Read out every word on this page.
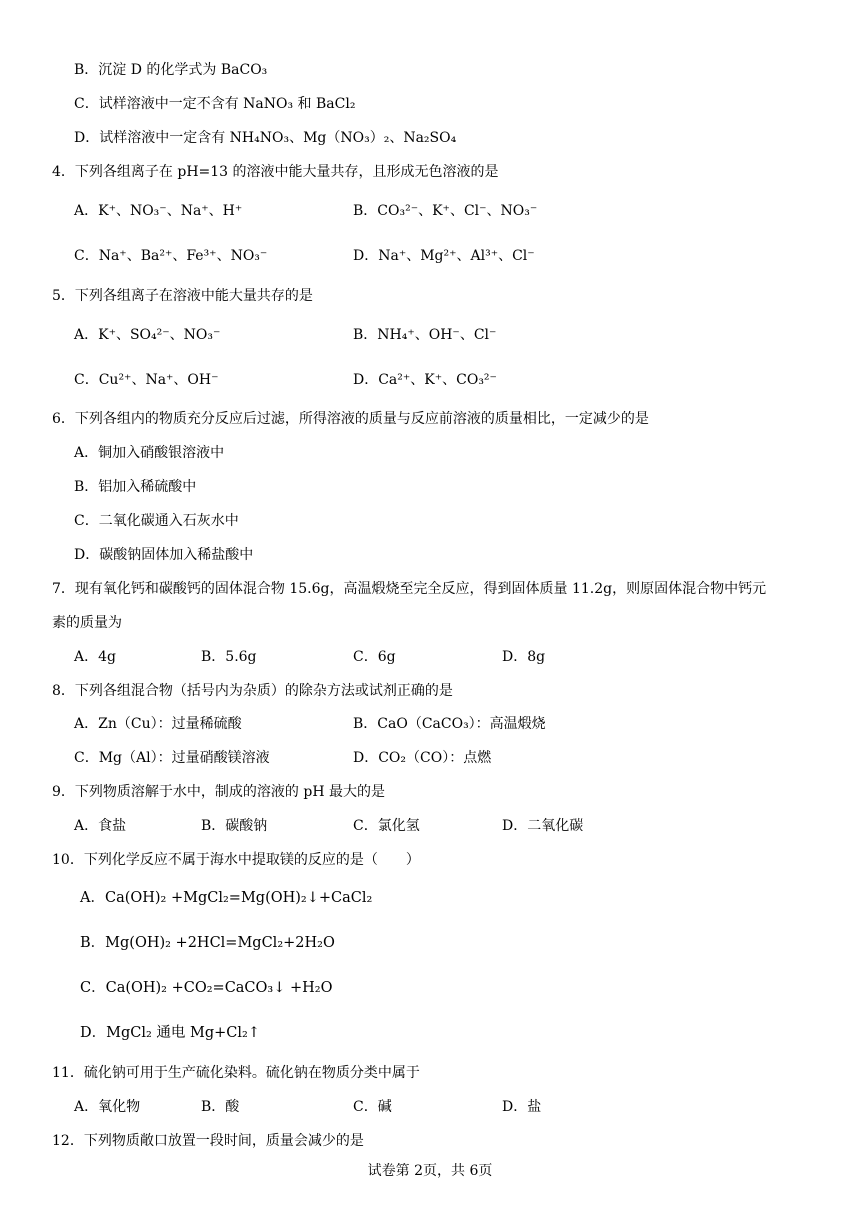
B．沉淀 D 的化学式为 BaCO₃
C．试样溶液中一定不含有 NaNO₃ 和 BaCl₂
D．试样溶液中一定含有 NH₄NO₃、Mg（NO₃）₂、Na₂SO₄
4．下列各组离子在 pH=13 的溶液中能大量共存，且形成无色溶液的是
A．K⁺、NO₃⁻、Na⁺、H⁺	B．CO₃²⁻、K⁺、Cl⁻、NO₃⁻
C．Na⁺、Ba²⁺、Fe³⁺、NO₃⁻	D．Na⁺、Mg²⁺、Al³⁺、Cl⁻
5．下列各组离子在溶液中能大量共存的是
A．K⁺、SO₄²⁻、NO₃⁻	B．NH₄⁺、OH⁻、Cl⁻
C．Cu²⁺、Na⁺、OH⁻	D．Ca²⁺、K⁺、CO₃²⁻
6．下列各组内的物质充分反应后过滤，所得溶液的质量与反应前溶液的质量相比，一定减少的是
A．铜加入硝酸银溶液中
B．铝加入稀硫酸中
C．二氧化碳通入石灰水中
D．碳酸钠固体加入稀盐酸中
7．现有氧化钙和碳酸钙的固体混合物 15.6g，高温煅烧至完全反应，得到固体质量 11.2g，则原固体混合物中钙元
素的质量为
A．4g	B．5.6g	C．6g	D．8g
8．下列各组混合物（括号内为杂质）的除杂方法或试剂正确的是
A．Zn（Cu）：过量稀硫酸	B．CaO（CaCO₃）：高温煅烧
C．Mg（Al）：过量硝酸镁溶液	D．CO₂（CO）：点燃
9．下列物质溶解于水中，制成的溶液的 pH 最大的是
A．食盐	B．碳酸钠	C．氯化氢	D．二氧化碳
10．下列化学反应不属于海水中提取镁的反应的是（　　）
A．Ca(OH)₂ +MgCl₂=Mg(OH)₂↓+CaCl₂
B．Mg(OH)₂ +2HCl=MgCl₂+2H₂O
C．Ca(OH)₂ +CO₂=CaCO₃↓ +H₂O
D．MgCl₂ 通电 Mg+Cl₂↑
11．硫化钠可用于生产硫化染料。硫化钠在物质分类中属于
A．氧化物	B．酸	C．碱	D．盐
12．下列物质敞口放置一段时间，质量会减少的是
试卷第 2页，共 6页
